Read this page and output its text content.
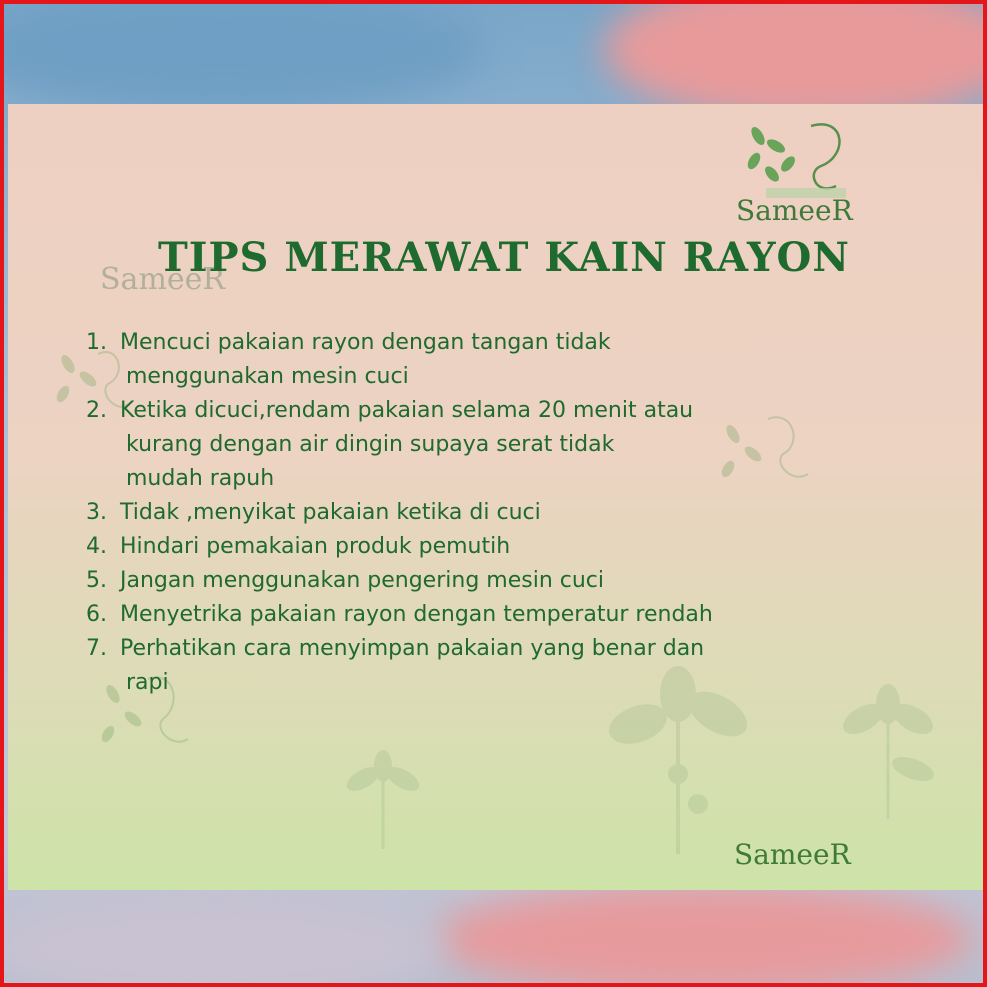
SameeR
SameeR
TIPS MERAWAT KAIN RAYON
1. Mencuci pakaian rayon dengan tangan tidak
menggunakan mesin cuci
2. Ketika dicuci,rendam pakaian selama 20 menit atau
kurang dengan air dingin supaya serat tidak
mudah rapuh
3. Tidak ,menyikat pakaian ketika di cuci
4. Hindari pemakaian produk pemutih
5. Jangan menggunakan pengering mesin cuci
6. Menyetrika pakaian rayon dengan temperatur rendah
7. Perhatikan cara menyimpan pakaian yang benar dan
rapi
SameeR
